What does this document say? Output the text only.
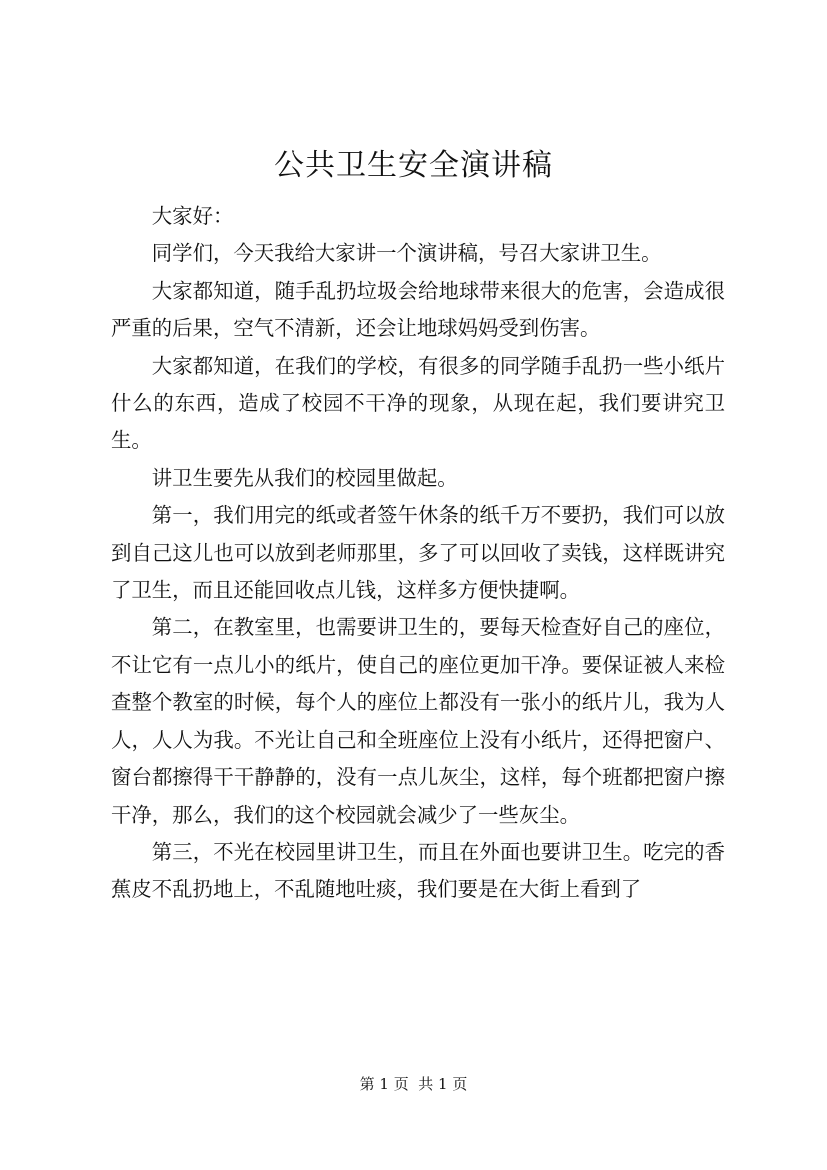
公共卫生安全演讲稿

大家好：

同学们，今天我给大家讲一个演讲稿，号召大家讲卫生。

大家都知道，随手乱扔垃圾会给地球带来很大的危害，会造成很严重的后果，空气不清新，还会让地球妈妈受到伤害。

大家都知道，在我们的学校，有很多的同学随手乱扔一些小纸片什么的东西，造成了校园不干净的现象，从现在起，我们要讲究卫生。

讲卫生要先从我们的校园里做起。

第一，我们用完的纸或者签午休条的纸千万不要扔，我们可以放到自己这儿也可以放到老师那里，多了可以回收了卖钱，这样既讲究了卫生，而且还能回收点儿钱，这样多方便快捷啊。

第二，在教室里，也需要讲卫生的，要每天检查好自己的座位，不让它有一点儿小的纸片，使自己的座位更加干净。要保证被人来检查整个教室的时候，每个人的座位上都没有一张小的纸片儿，我为人人，人人为我。不光让自己和全班座位上没有小纸片，还得把窗户、窗台都擦得干干静静的，没有一点儿灰尘，这样，每个班都把窗户擦干净，那么，我们的这个校园就会减少了一些灰尘。

第三，不光在校园里讲卫生，而且在外面也要讲卫生。吃完的香蕉皮不乱扔地上，不乱随地吐痰，我们要是在大街上看到了

第 1 页  共 1 页
